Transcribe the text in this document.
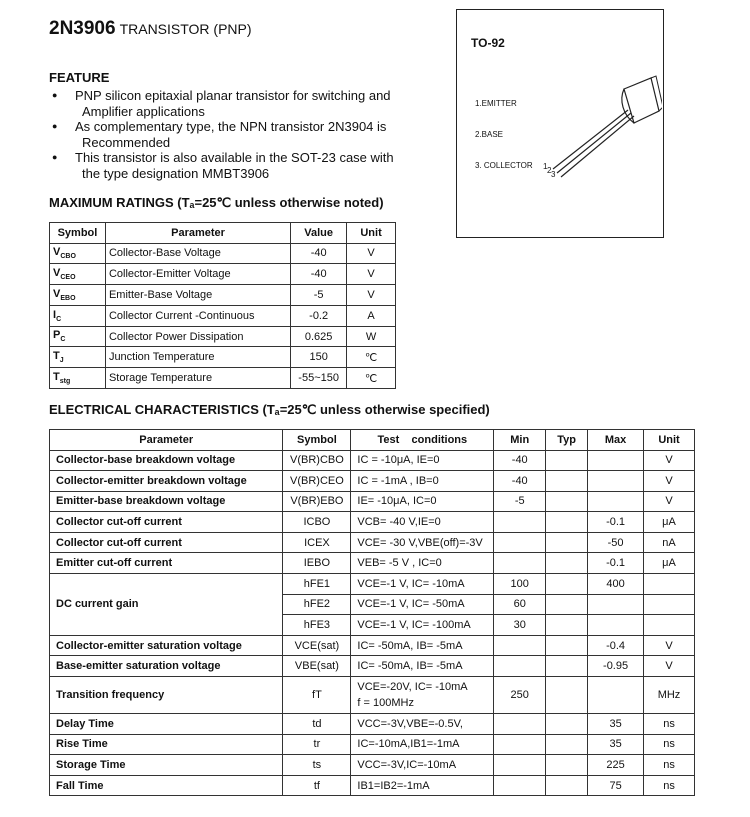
2N3906 TRANSISTOR (PNP)
FEATURE
● PNP silicon epitaxial planar transistor for switching and
Amplifier applications
● As complementary type, the NPN transistor 2N3904 is
Recommended
● This transistor is also available in the SOT-23 case with
the type designation MMBT3906
TO-92
1.EMITTER
2.BASE
3. COLLECTOR 1 2 3
MAXIMUM RATINGS (Tₐ=25℃ unless otherwise noted)
Symbol	Parameter	Value	Unit
$V_{CBO}$	Collector-Base Voltage	-40	V
$V_{CEO}$	Collector-Emitter Voltage	-40	V
$V_{EBO}$	Emitter-Base Voltage	-5	V
$I_C$	Collector Current -Continuous	-0.2	A
$P_C$	Collector Power Dissipation	0.625	W
$T_J$	Junction Temperature	150	℃
$T_{stg}$	Storage Temperature	-55~150	℃
ELECTRICAL CHARACTERISTICS (Tₐ=25℃ unless otherwise specified)
Parameter	Symbol	Test    conditions	Min	Typ	Max	Unit
Collector-base breakdown voltage	V(BR)CBO	IC = -10μA, IE=0	-40			V
Collector-emitter breakdown voltage	V(BR)CEO	IC = -1mA , IB=0	-40			V
Emitter-base breakdown voltage	V(BR)EBO	IE= -10μA, IC=0	-5			V
Collector cut-off current	ICBO	VCB= -40 V,IE=0			-0.1	μA
Collector cut-off current	ICEX	VCE= -30 V,VBE(off)=-3V			-50	nA
Emitter cut-off current	IEBO	VEB= -5 V , IC=0			-0.1	μA
DC current gain	hFE1	VCE=-1 V, IC= -10mA	100		400	
	hFE2	VCE=-1 V, IC= -50mA	60			
	hFE3	VCE=-1 V, IC= -100mA	30			
Collector-emitter saturation voltage	VCE(sat)	IC= -50mA, IB= -5mA			-0.4	V
Base-emitter saturation voltage	VBE(sat)	IC= -50mA, IB= -5mA			-0.95	V
Transition frequency	fT	VCE=-20V, IC= -10mA
f = 100MHz	250			MHz
Delay Time	td	VCC=-3V,VBE=-0.5V,			35	ns
Rise Time	tr	IC=-10mA,IB1=-1mA			35	ns
Storage Time	ts	VCC=-3V,IC=-10mA			225	ns
Fall Time	tf	IB1=IB2=-1mA			75	ns
